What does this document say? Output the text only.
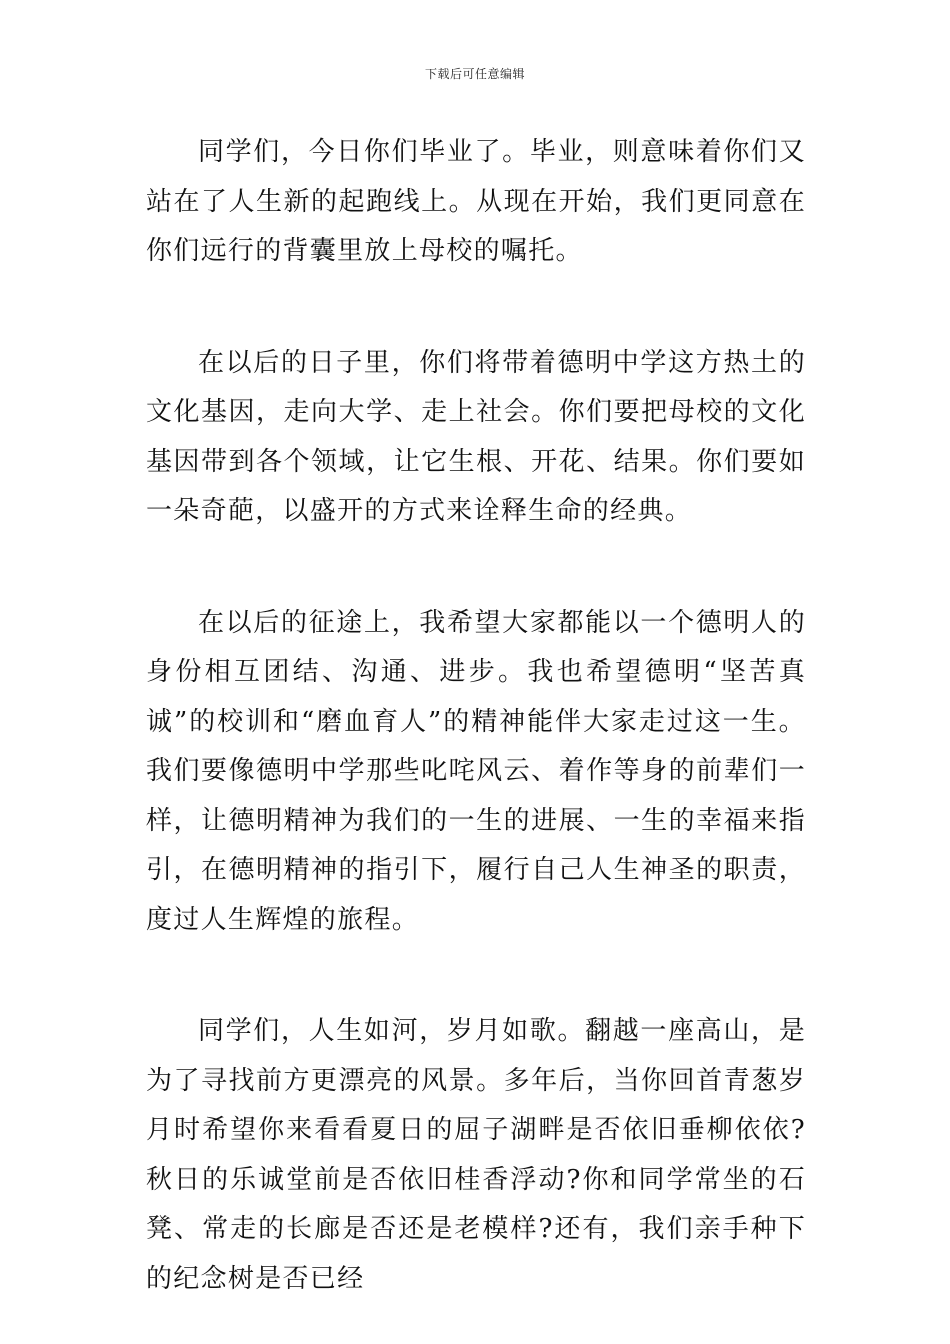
下载后可任意编辑

同学们，今日你们毕业了。毕业，则意味着你们又站在了人生新的起跑线上。从现在开始，我们更同意在你们远行的背囊里放上母校的嘱托。

在以后的日子里，你们将带着德明中学这方热土的文化基因，走向大学、走上社会。你们要把母校的文化基因带到各个领域，让它生根、开花、结果。你们要如一朵奇葩，以盛开的方式来诠释生命的经典。

在以后的征途上，我希望大家都能以一个德明人的身份相互团结、沟通、进步。我也希望德明“坚苦真诚”的校训和“磨血育人”的精神能伴大家走过这一生。我们要像德明中学那些叱咤风云、着作等身的前辈们一样，让德明精神为我们的一生的进展、一生的幸福来指引，在德明精神的指引下，履行自己人生神圣的职责，度过人生辉煌的旅程。

同学们，人生如河，岁月如歌。翻越一座高山，是为了寻找前方更漂亮的风景。多年后，当你回首青葱岁月时希望你来看看夏日的屈子湖畔是否依旧垂柳依依?秋日的乐诚堂前是否依旧桂香浮动?你和同学常坐的石凳、常走的长廊是否还是老模样?还有，我们亲手种下的纪念树是否已经
